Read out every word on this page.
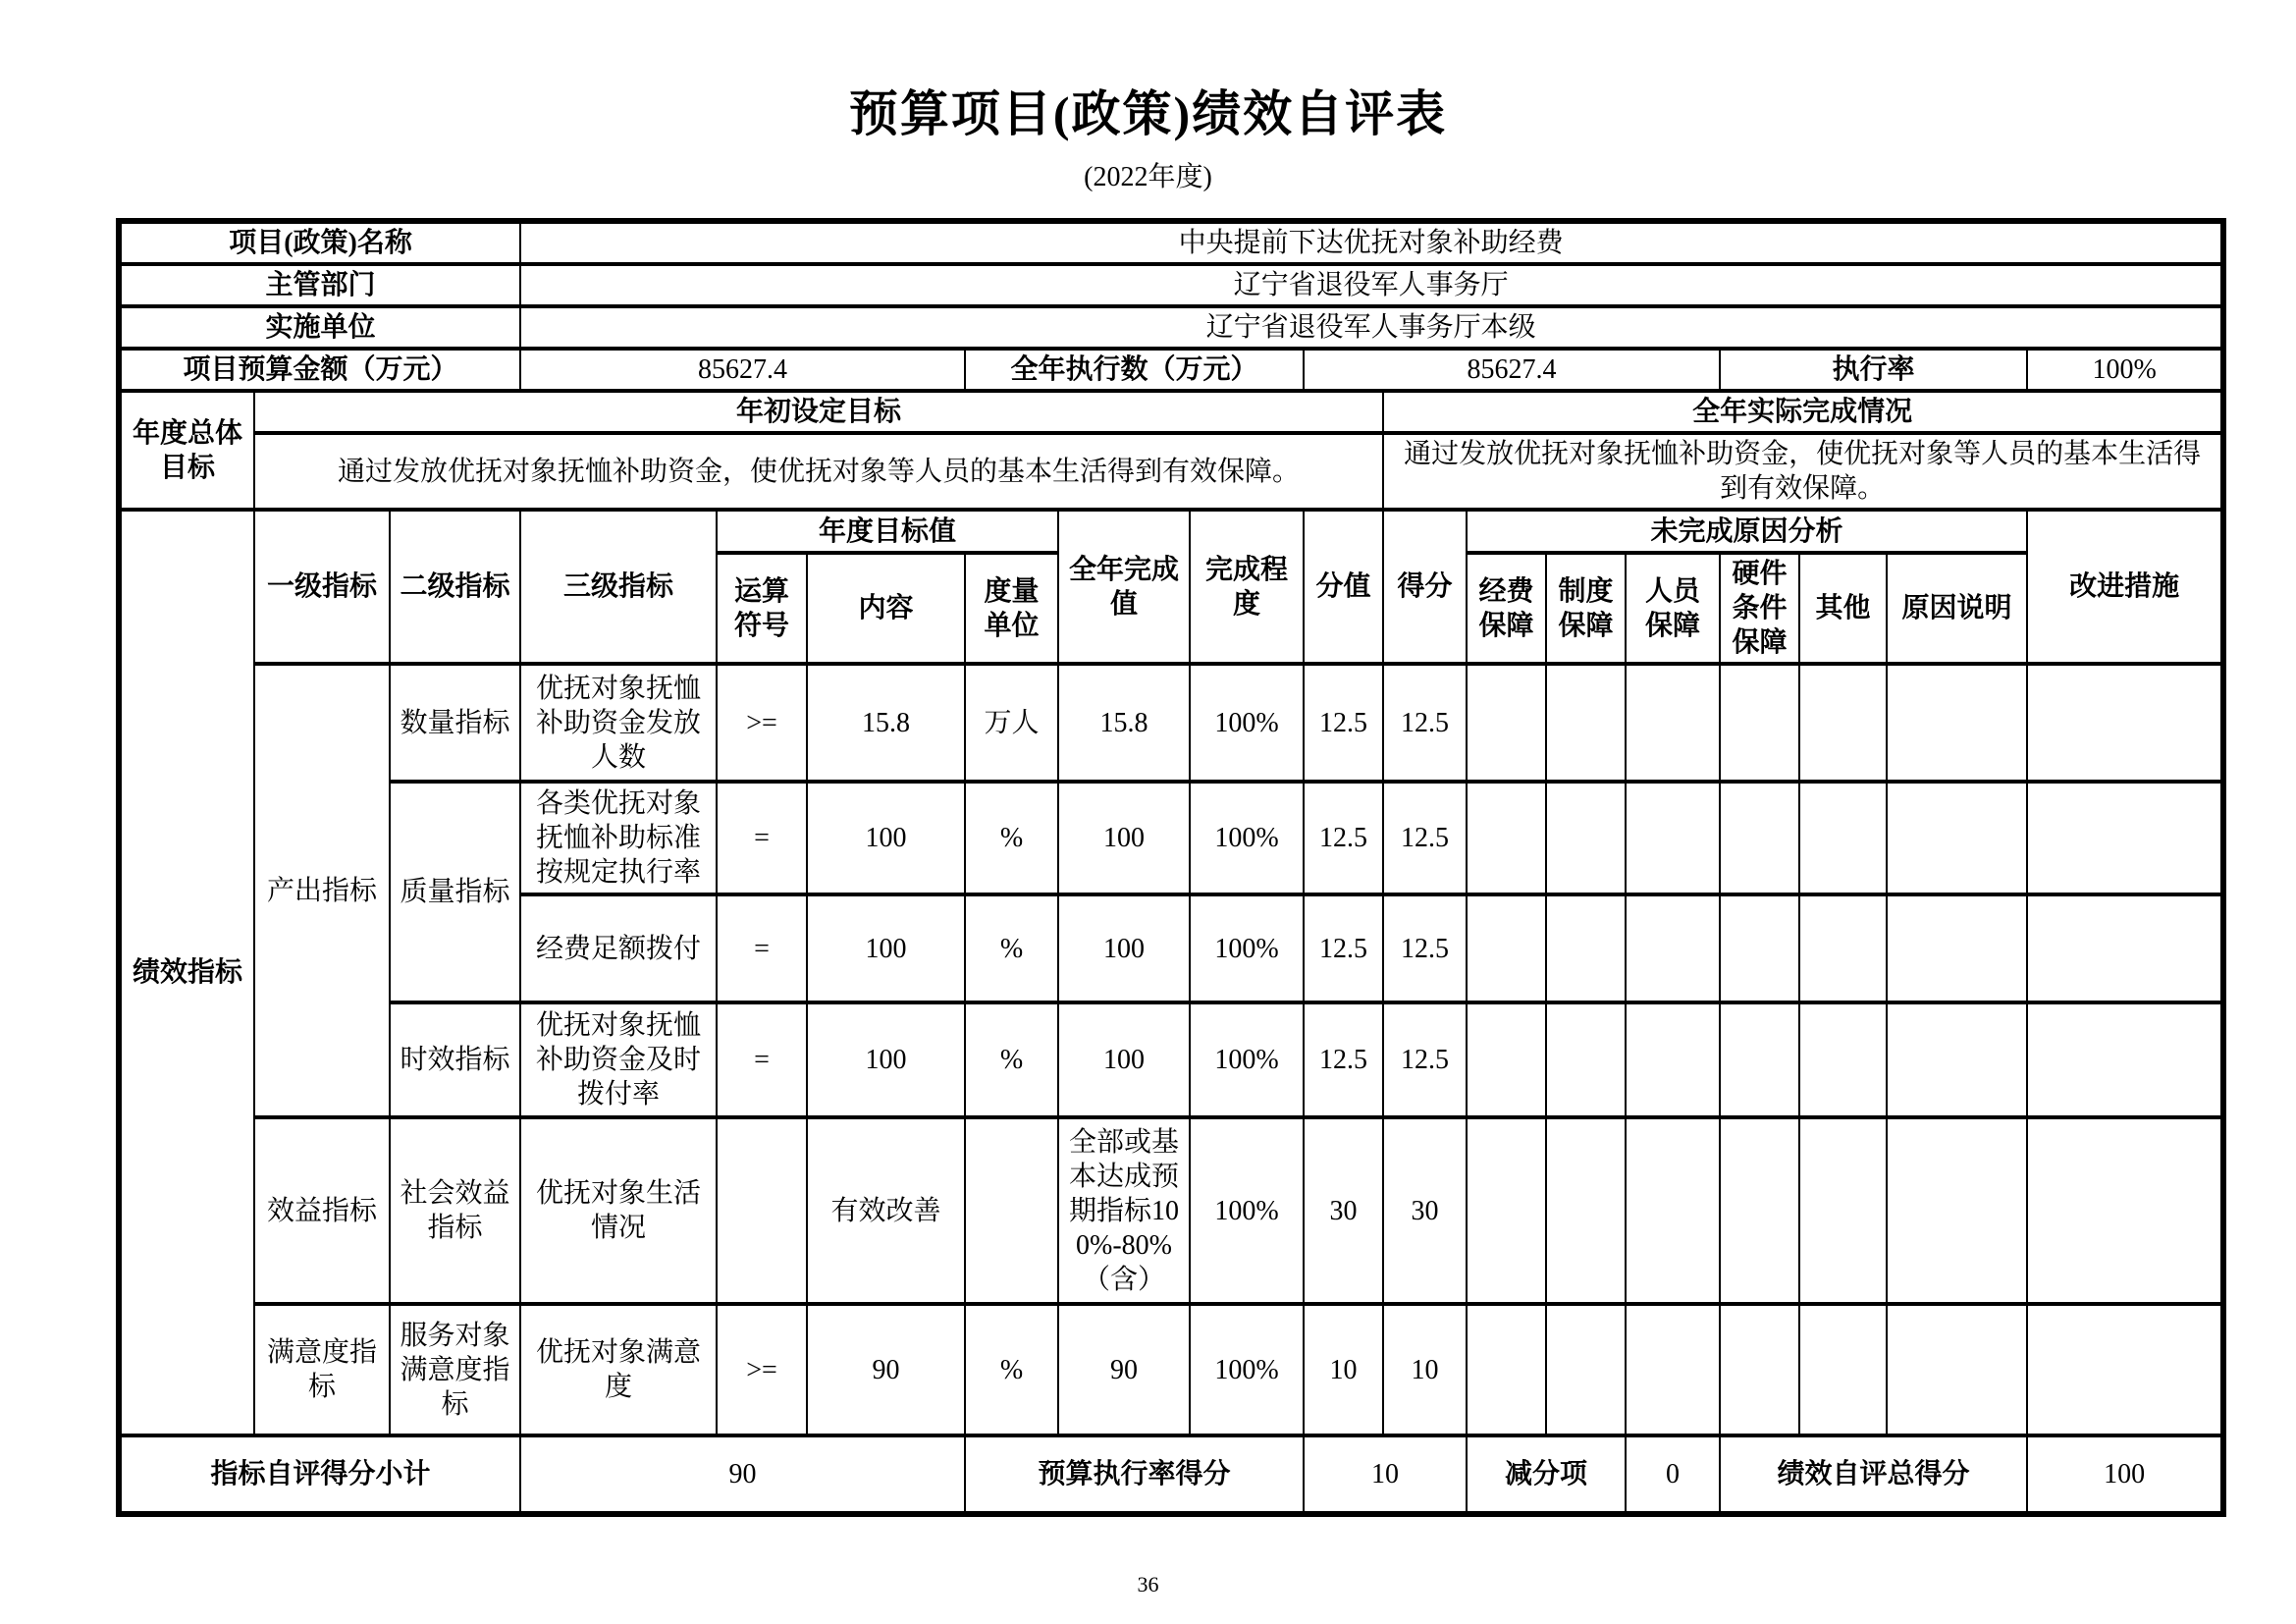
预算项目(政策)绩效自评表
(2022年度)
项目(政策)名称			中央提前下达优抚对象补助经费														
主管部门			辽宁省退役军人事务厅														
实施单位			辽宁省退役军人事务厅本级														
项目预算金额（万元）			85627.4			全年执行数（万元）			85627.4					执行率			100%
年度总体目标	年初设定目标									全年实际完成情况							
	通过发放优抚对象抚恤补助资金，使优抚对象等人员的基本生活得到有效保障。									通过发放优抚对象抚恤补助资金，使优抚对象等人员的基本生活得到有效保障。							
绩效指标	一级指标	二级指标	三级指标	年度目标值			全年完成值	完成程度	分值	得分	未完成原因分析						改进措施
				运算符号	内容	度量单位					经费保障	制度保障	人员保障	硬件条件保障	其他	原因说明	
	产出指标	数量指标	优抚对象抚恤补助资金发放人数	>=	15.8	万人	15.8	100%	12.5	12.5							
		质量指标	各类优抚对象抚恤补助标准按规定执行率	=	100	%	100	100%	12.5	12.5							
			经费足额拨付	=	100	%	100	100%	12.5	12.5							
		时效指标	优抚对象抚恤补助资金及时拨付率	=	100	%	100	100%	12.5	12.5							
	效益指标	社会效益指标	优抚对象生活情况		有效改善		全部或基本达成预期指标100%-80%（含）	100%	30	30							
	满意度指标	服务对象满意度指标	优抚对象满意度	>=	90	%	90	100%	10	10							
指标自评得分小计			90			预算执行率得分			10		减分项		0	绩效自评总得分			100
36
